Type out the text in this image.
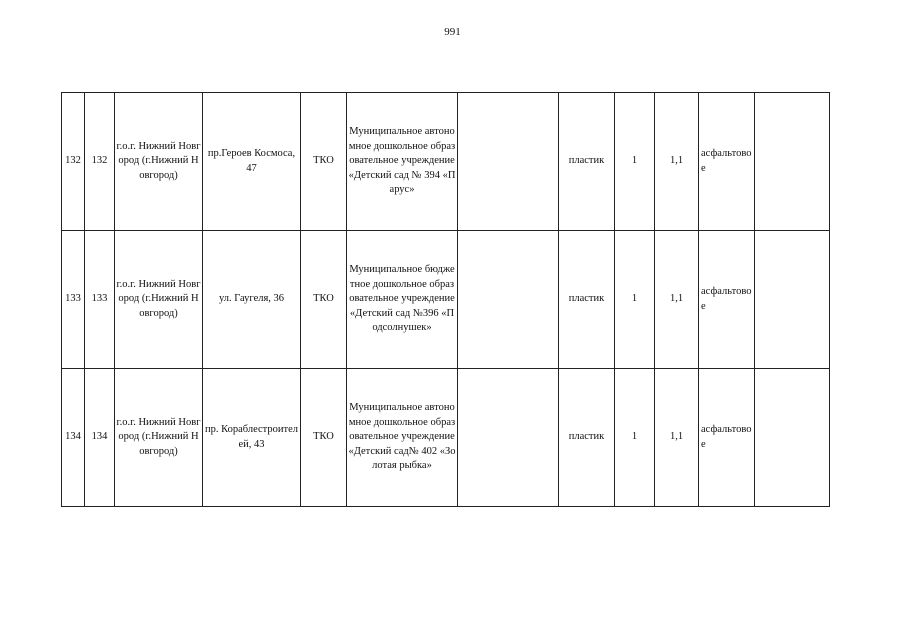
991
132	132	г.о.г. Нижний Новгород (г.Нижний Новгород)	пр.Героев Космоса, 47	ТКО	Муниципальное автономное дошкольное образовательное учреждение «Детский сад № 394 «Парус»		пластик	1	1,1	асфальтовое	
133	133	г.о.г. Нижний Новгород (г.Нижний Новгород)	ул. Гаугеля, 36	ТКО	Муниципальное бюджетное дошкольное образовательное учреждение «Детский сад №396 «Подсолнушек»		пластик	1	1,1	асфальтовое	
134	134	г.о.г. Нижний Новгород (г.Нижний Новгород)	пр. Кораблестроителей, 43	ТКО	Муниципальное автономное дошкольное образовательное учреждение «Детский сад№ 402 «Золотая рыбка»		пластик	1	1,1	асфальтовое	
